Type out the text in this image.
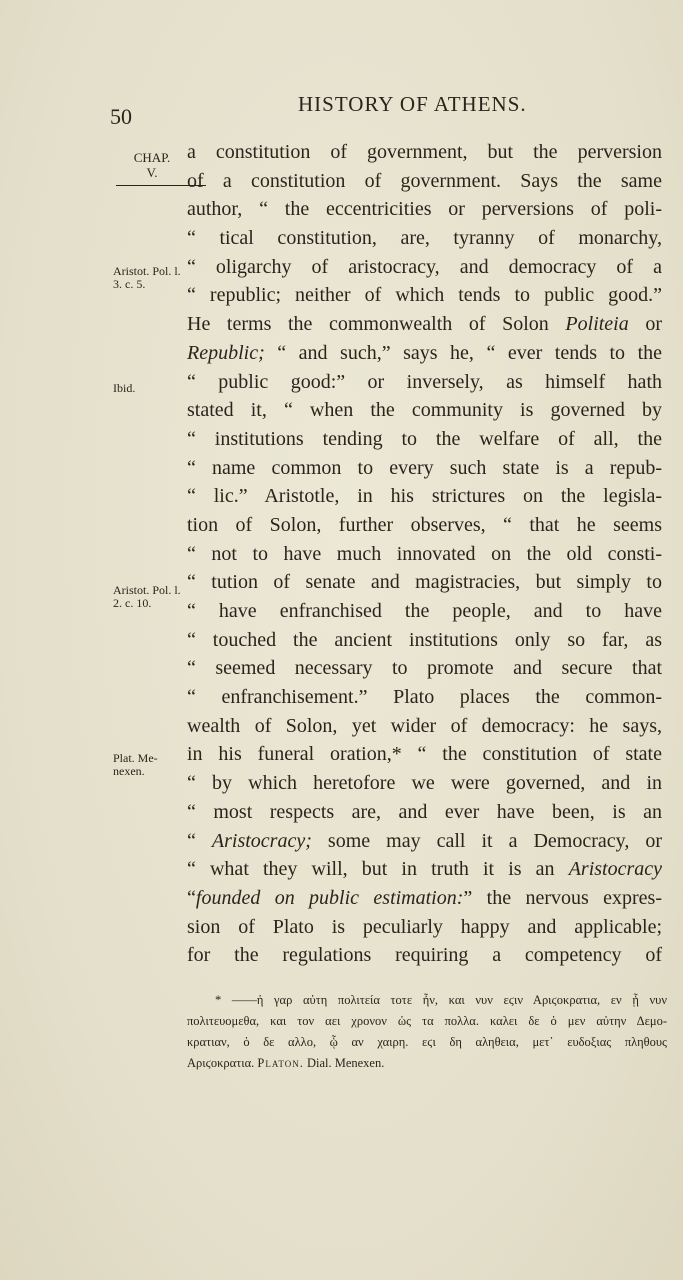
50	HISTORY OF ATHENS.
CHAP.
V.
Aristot. Pol. l. 3. c. 5.
Ibid.
Aristot. Pol. l. 2. c. 10.
Plat. Me-nexen.
a constitution of government, but the perversion
of a constitution of government. Says the same
author, “ the eccentricities or perversions of poli-
“ tical constitution, are, tyranny of monarchy,
“ oligarchy of aristocracy, and democracy of a
“ republic; neither of which tends to public good.”
He terms the commonwealth of Solon Politeia or
Republic; “ and such,” says he, “ ever tends to the
“ public good:” or inversely, as himself hath
stated it, “ when the community is governed by
“ institutions tending to the welfare of all, the
“ name common to every such state is a repub-
“ lic.” Aristotle, in his strictures on the legisla-
tion of Solon, further observes, “ that he seems
“ not to have much innovated on the old consti-
“ tution of senate and magistracies, but simply to
“ have enfranchised the people, and to have
“ touched the ancient institutions only so far, as
“ seemed necessary to promote and secure that
“ enfranchisement.” Plato places the common-
wealth of Solon, yet wider of democracy: he says,
in his funeral oration,* “ the constitution of state
“ by which heretofore we were governed, and in
“ most respects are, and ever have been, is an
“ Aristocracy; some may call it a Democracy, or
“ what they will, but in truth it is an Aristocracy
“founded on public estimation:” the nervous expres-
sion of Plato is peculiarly happy and applicable;
for the regulations requiring a competency of
* ——ἡ γαρ αὐτη πολιτεία τοτε ἦν, και νυν εϛιν Αριϛοκρατια, εν ᾗ νυν
πολιτευομεθα, και τον αει χρονον ὡς τα πολλα. καλει δε ὁ μεν αὐτην Δεμο-
κρατιαν, ὁ δε αλλο, ᾧ αν χαιρη. εϛι δη αληθεια, μετ᾽ ευδοξιας πληθους
Αριϛοκρατια. Platon. Dial. Menexen.
